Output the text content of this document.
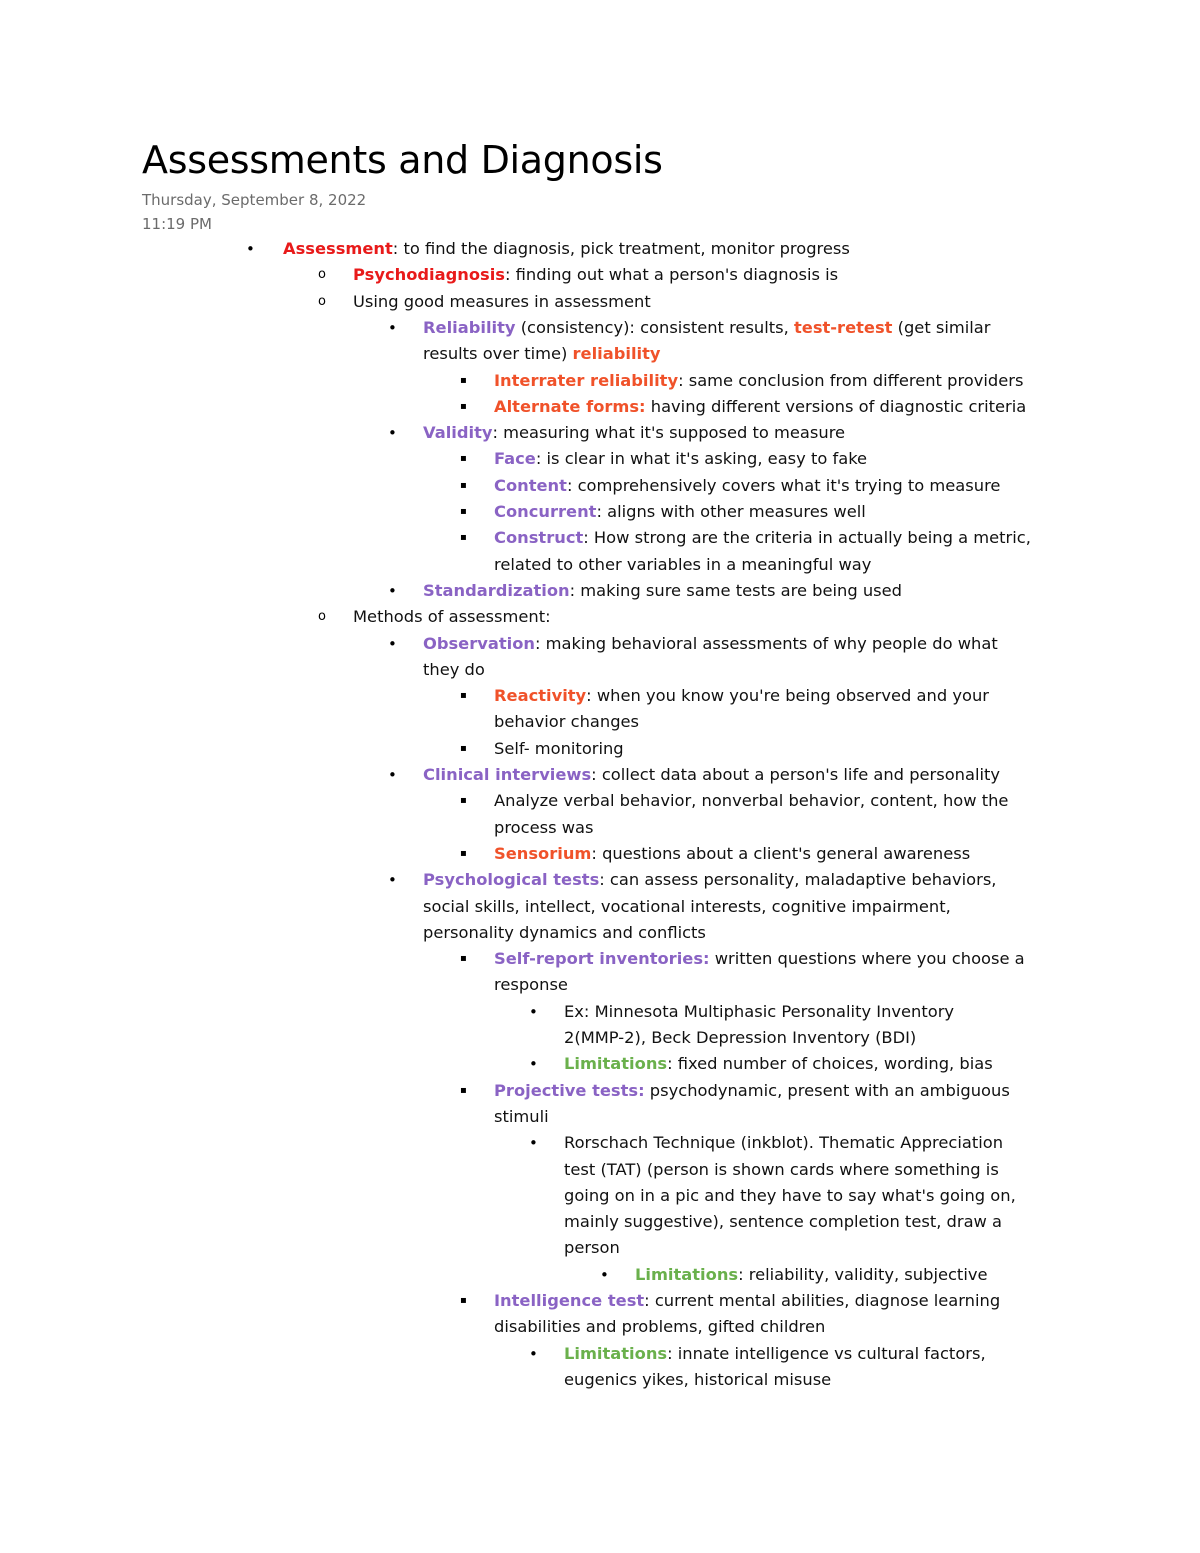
Assessments and Diagnosis
Thursday, September 8, 2022
11:19 PM
• Assessment: to find the diagnosis, pick treatment, monitor progress
o Psychodiagnosis: finding out what a person's diagnosis is
o Using good measures in assessment
• Reliability (consistency): consistent results, test-retest (get similar
results over time) reliability
▪ Interrater reliability: same conclusion from different providers
▪ Alternate forms: having different versions of diagnostic criteria
• Validity: measuring what it's supposed to measure
▪ Face: is clear in what it's asking, easy to fake
▪ Content: comprehensively covers what it's trying to measure
▪ Concurrent: aligns with other measures well
▪ Construct: How strong are the criteria in actually being a metric,
related to other variables in a meaningful way
• Standardization: making sure same tests are being used
o Methods of assessment:
• Observation: making behavioral assessments of why people do what
they do
▪ Reactivity: when you know you're being observed and your
behavior changes
▪ Self- monitoring
• Clinical interviews: collect data about a person's life and personality
▪ Analyze verbal behavior, nonverbal behavior, content, how the
process was
▪ Sensorium: questions about a client's general awareness
• Psychological tests: can assess personality, maladaptive behaviors,
social skills, intellect, vocational interests, cognitive impairment,
personality dynamics and conflicts
▪ Self-report inventories: written questions where you choose a
response
• Ex: Minnesota Multiphasic Personality Inventory
2(MMP-2), Beck Depression Inventory (BDI)
• Limitations: fixed number of choices, wording, bias
▪ Projective tests: psychodynamic, present with an ambiguous
stimuli
• Rorschach Technique (inkblot). Thematic Appreciation
test (TAT) (person is shown cards where something is
going on in a pic and they have to say what's going on,
mainly suggestive), sentence completion test, draw a
person
• Limitations: reliability, validity, subjective
▪ Intelligence test: current mental abilities, diagnose learning
disabilities and problems, gifted children
• Limitations: innate intelligence vs cultural factors,
eugenics yikes, historical misuse
